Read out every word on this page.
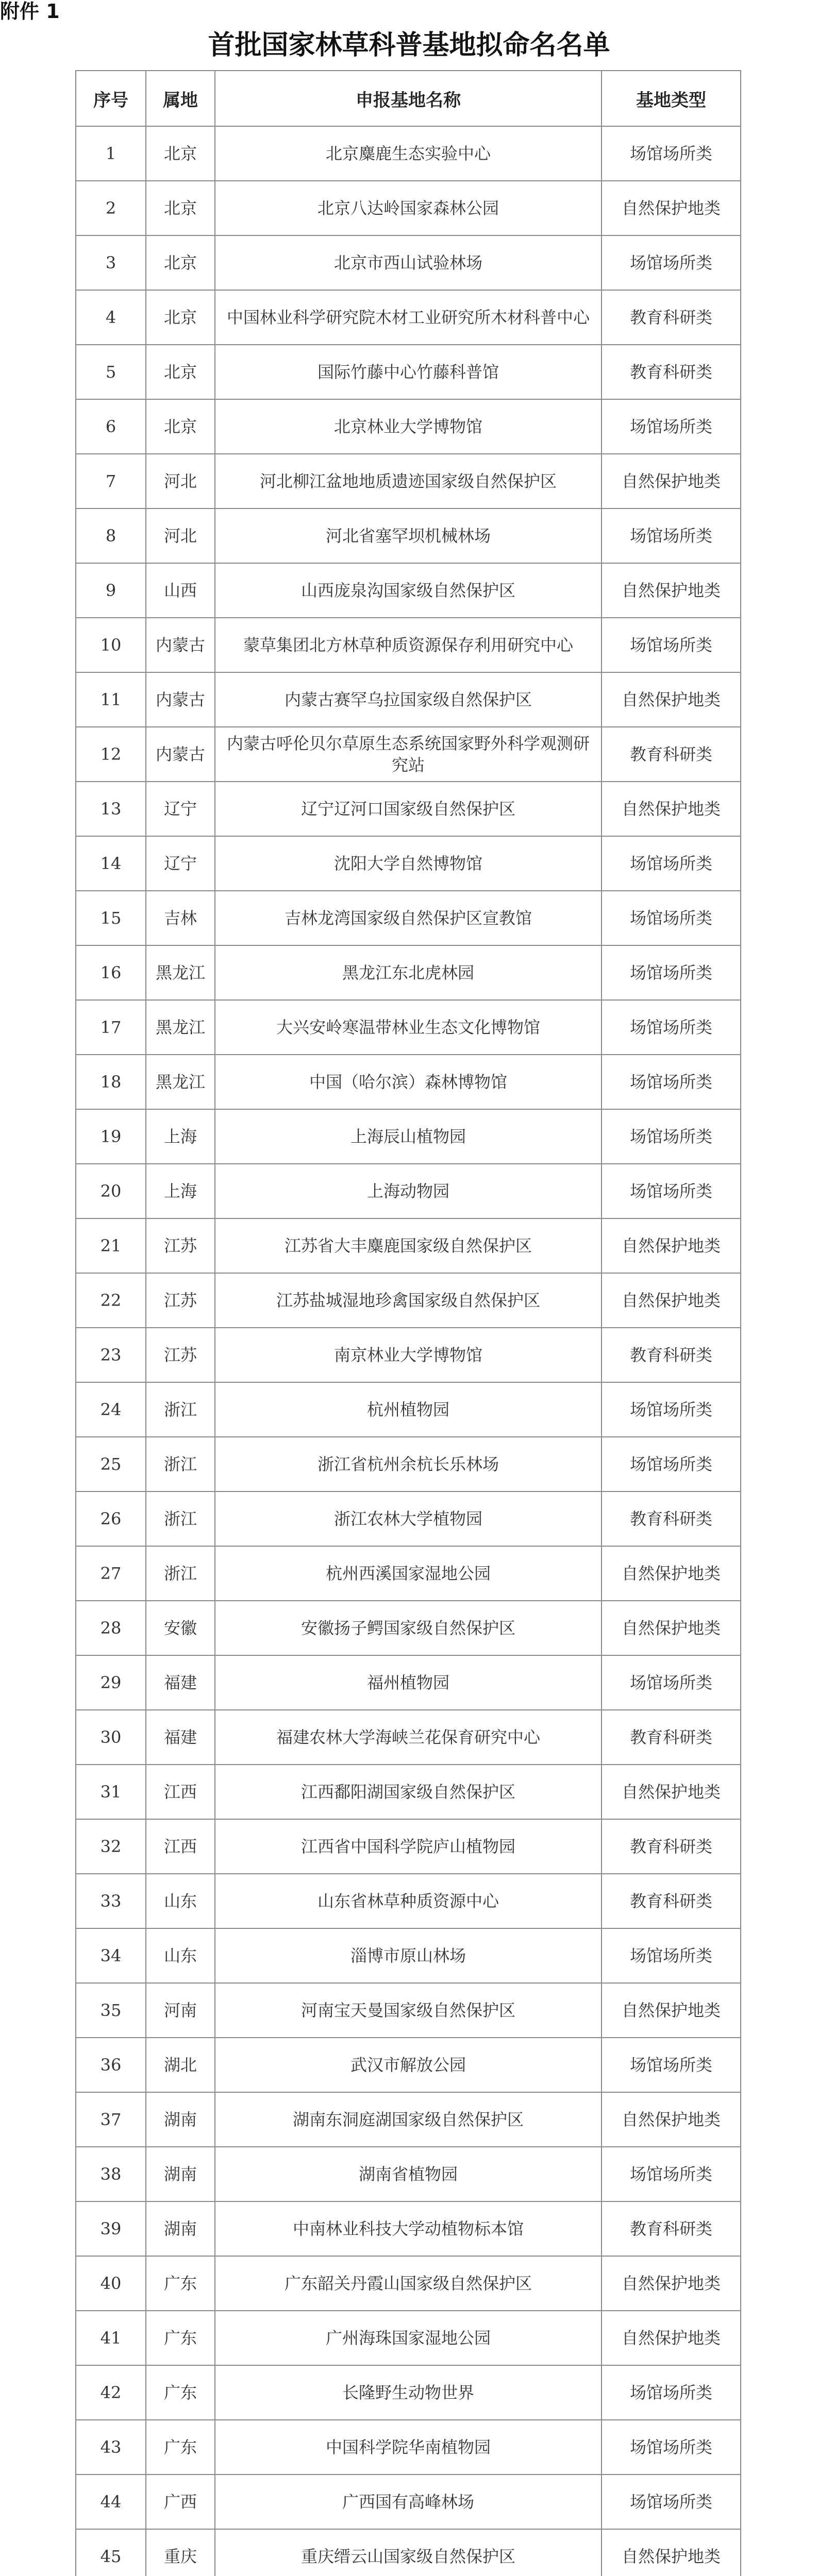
附件 1
首批国家林草科普基地拟命名名单
序号	属地	申报基地名称	基地类型
1	北京	北京麋鹿生态实验中心	场馆场所类
2	北京	北京八达岭国家森林公园	自然保护地类
3	北京	北京市西山试验林场	场馆场所类
4	北京	中国林业科学研究院木材工业研究所木材科普中心	教育科研类
5	北京	国际竹藤中心竹藤科普馆	教育科研类
6	北京	北京林业大学博物馆	场馆场所类
7	河北	河北柳江盆地地质遗迹国家级自然保护区	自然保护地类
8	河北	河北省塞罕坝机械林场	场馆场所类
9	山西	山西庞泉沟国家级自然保护区	自然保护地类
10	内蒙古	蒙草集团北方林草种质资源保存利用研究中心	场馆场所类
11	内蒙古	内蒙古赛罕乌拉国家级自然保护区	自然保护地类
12	内蒙古	内蒙古呼伦贝尔草原生态系统国家野外科学观测研究站	教育科研类
13	辽宁	辽宁辽河口国家级自然保护区	自然保护地类
14	辽宁	沈阳大学自然博物馆	场馆场所类
15	吉林	吉林龙湾国家级自然保护区宣教馆	场馆场所类
16	黑龙江	黑龙江东北虎林园	场馆场所类
17	黑龙江	大兴安岭寒温带林业生态文化博物馆	场馆场所类
18	黑龙江	中国（哈尔滨）森林博物馆	场馆场所类
19	上海	上海辰山植物园	场馆场所类
20	上海	上海动物园	场馆场所类
21	江苏	江苏省大丰麋鹿国家级自然保护区	自然保护地类
22	江苏	江苏盐城湿地珍禽国家级自然保护区	自然保护地类
23	江苏	南京林业大学博物馆	教育科研类
24	浙江	杭州植物园	场馆场所类
25	浙江	浙江省杭州余杭长乐林场	场馆场所类
26	浙江	浙江农林大学植物园	教育科研类
27	浙江	杭州西溪国家湿地公园	自然保护地类
28	安徽	安徽扬子鳄国家级自然保护区	自然保护地类
29	福建	福州植物园	场馆场所类
30	福建	福建农林大学海峡兰花保育研究中心	教育科研类
31	江西	江西鄱阳湖国家级自然保护区	自然保护地类
32	江西	江西省中国科学院庐山植物园	教育科研类
33	山东	山东省林草种质资源中心	教育科研类
34	山东	淄博市原山林场	场馆场所类
35	河南	河南宝天曼国家级自然保护区	自然保护地类
36	湖北	武汉市解放公园	场馆场所类
37	湖南	湖南东洞庭湖国家级自然保护区	自然保护地类
38	湖南	湖南省植物园	场馆场所类
39	湖南	中南林业科技大学动植物标本馆	教育科研类
40	广东	广东韶关丹霞山国家级自然保护区	自然保护地类
41	广东	广州海珠国家湿地公园	自然保护地类
42	广东	长隆野生动物世界	场馆场所类
43	广东	中国科学院华南植物园	场馆场所类
44	广西	广西国有高峰林场	场馆场所类
45	重庆	重庆缙云山国家级自然保护区	自然保护地类
